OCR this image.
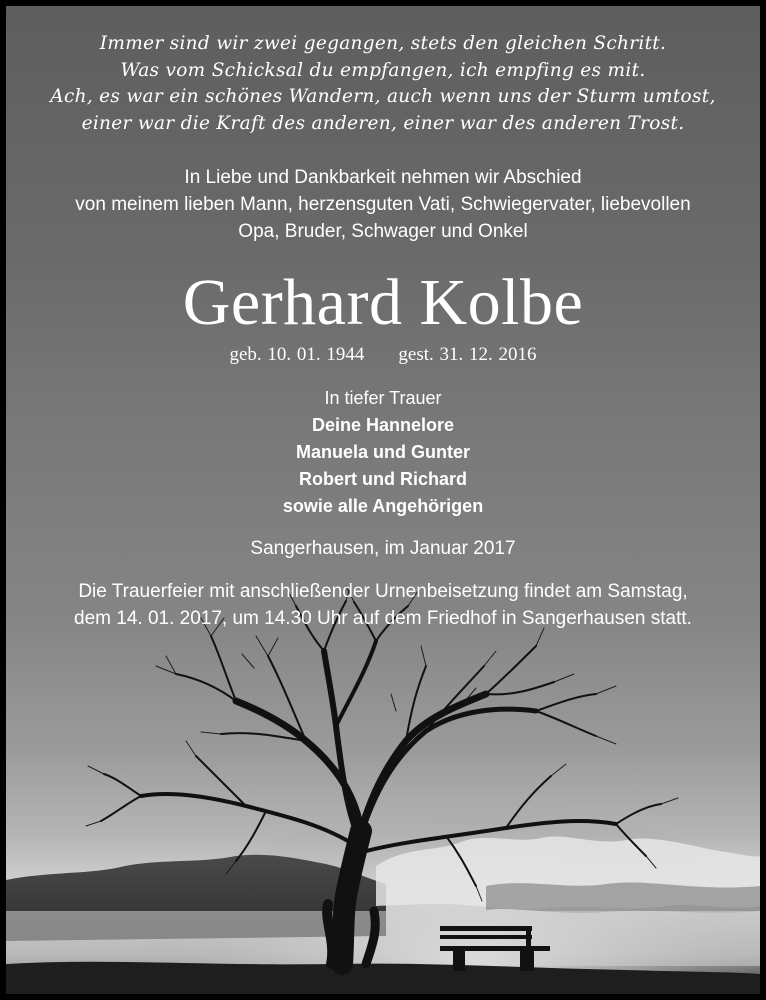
Immer sind wir zwei gegangen, stets den gleichen Schritt.
Was vom Schicksal du empfangen, ich empfing es mit.
Ach, es war ein schönes Wandern, auch wenn uns der Sturm umtost,
einer war die Kraft des anderen, einer war des anderen Trost.
In Liebe und Dankbarkeit nehmen wir Abschied
von meinem lieben Mann, herzensguten Vati, Schwiegervater, liebevollen
Opa, Bruder, Schwager und Onkel
Gerhard Kolbe
geb. 10. 01. 1944 gest. 31. 12. 2016
In tiefer Trauer
Deine Hannelore
Manuela und Gunter
Robert und Richard
sowie alle Angehörigen
Sangerhausen, im Januar 2017
Die Trauerfeier mit anschließender Urnenbeisetzung findet am Samstag,
dem 14. 01. 2017, um 14.30 Uhr auf dem Friedhof in Sangerhausen statt.
